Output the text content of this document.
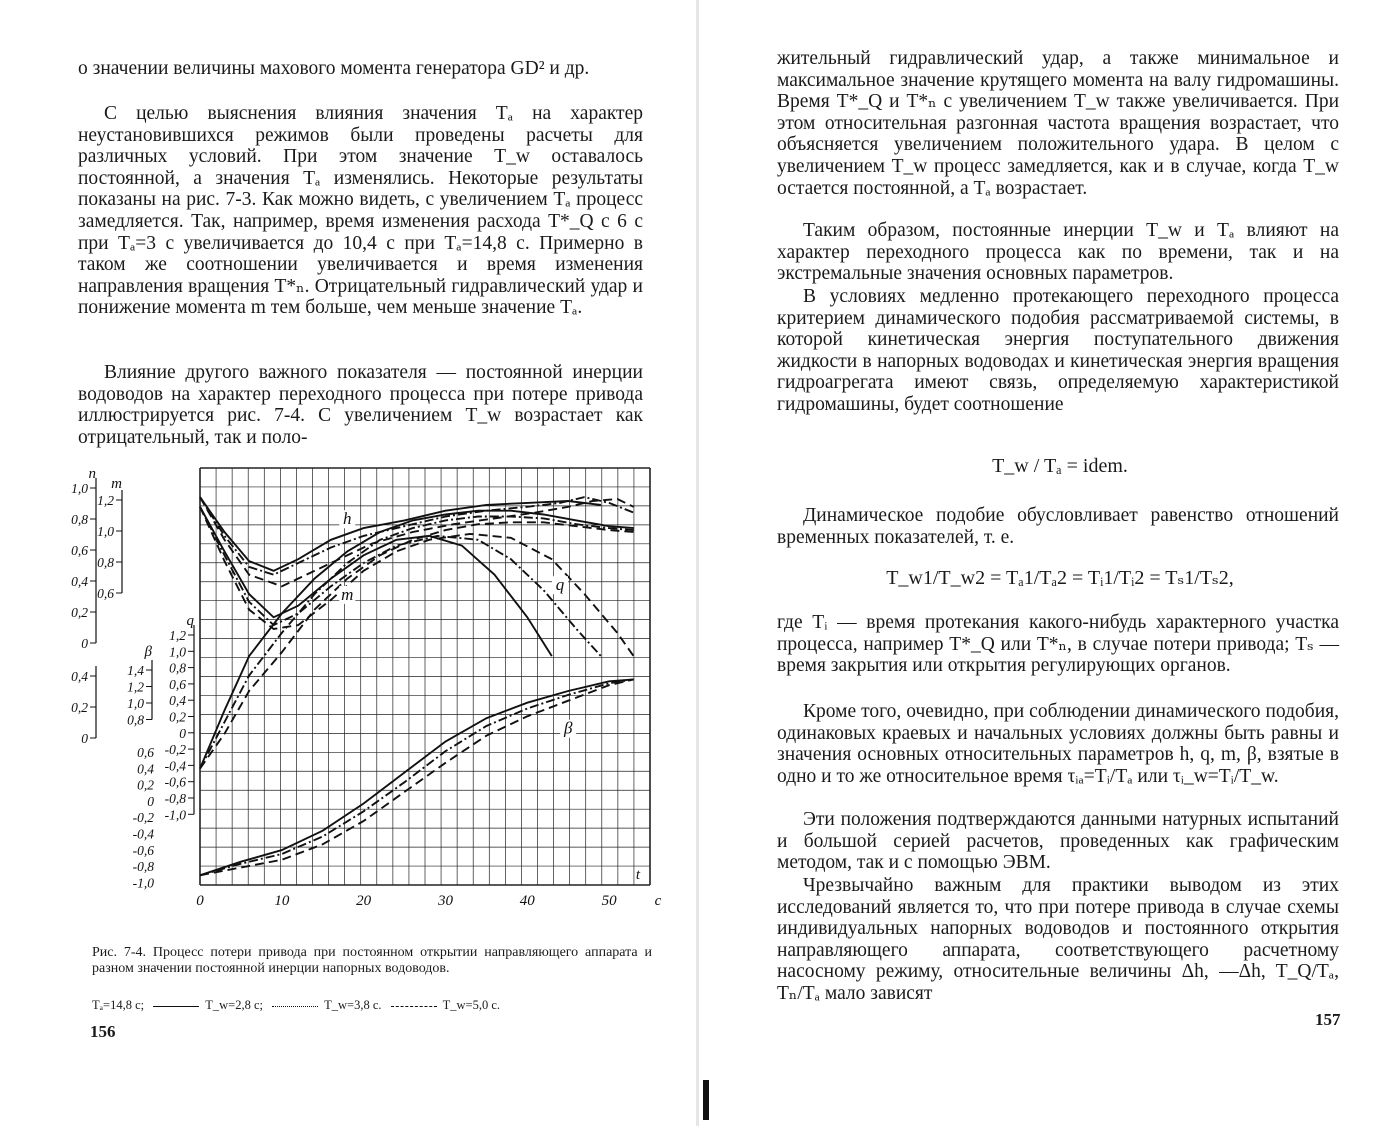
о значении величины махового момента генератора GD² и др.

С целью выяснения влияния значения Tₐ на характер неустановившихся режимов были проведены расчеты для различных условий. При этом значение T_w оставалось постоянной, а значения Tₐ изменялись. Некоторые результаты показаны на рис. 7-3. Как можно видеть, с увеличением Tₐ процесс замедляется. Так, например, время изменения расхода T*_Q с 6 с при Tₐ=3 с увеличивается до 10,4 с при Tₐ=14,8 с. Примерно в таком же соотношении увеличивается и время изменения направления вращения T*ₙ. Отрицательный гидравлический удар и понижение момента m тем больше, чем меньше значение Tₐ.

Влияние другого важного показателя — постоянной инерции водоводов на характер переходного процесса при потере привода иллюстрируется рис. 7-4. С увеличением T_w возрастает как отрицательный, так и поло-

0	10	20	30	40	50
t
с
n
1,0
0,8
0,6
0,4
0,2
0
0,4
0,2
0
m
1,2
1,0
0,8
0,6
β
1,4
1,2
1,0
0,8
q
1,2
1,0
0,8
0,6
0,4
0,2
0
-0,2
-0,4
-0,6
-0,8
-1,0
0,6
0,4
0,2
0
-0,2
-0,4
-0,6
-0,8
-1,0
h
m
q
β
Рис. 7-4. Процесс потери привода при постоянном открытии направляющего аппарата и разном значении постоянной инерции напорных водоводов.
Tₐ=14,8 с;	T_w=2,8 с;	T_w=3,8 с.	T_w=5,0 с.
156

жительный гидравлический удар, а также минимальное и максимальное значение крутящего момента на валу гидромашины. Время T*_Q и T*ₙ с увеличением T_w также увеличивается. При этом относительная разгонная частота вращения возрастает, что объясняется увеличением положительного удара. В целом с увеличением T_w процесс замедляется, как и в случае, когда T_w остается постоянной, а Tₐ возрастает.

Таким образом, постоянные инерции T_w и Tₐ влияют на характер переходного процесса как по времени, так и на экстремальные значения основных параметров.

В условиях медленно протекающего переходного процесса критерием динамического подобия рассматриваемой системы, в которой кинетическая энергия поступательного движения жидкости в напорных водоводах и кинетическая энергия вращения гидроагрегата имеют связь, определяемую характеристикой гидромашины, будет соотношение

T_w / Tₐ = idem.

Динамическое подобие обусловливает равенство отношений временных показателей, т. е.

T_w1/T_w2 = Tₐ1/Tₐ2 = Tᵢ1/Tᵢ2 = Tₛ1/Tₛ2,

где Tᵢ — время протекания какого-нибудь характерного участка процесса, например T*_Q или T*ₙ, в случае потери привода; Tₛ — время закрытия или открытия регулирующих органов.

Кроме того, очевидно, при соблюдении динамического подобия, одинаковых краевых и начальных условиях должны быть равны и значения основных относительных параметров h, q, m, β, взятые в одно и то же относительное время τᵢₐ=Tᵢ/Tₐ или τᵢ_w=Tᵢ/T_w.

Эти положения подтверждаются данными натурных испытаний и большой серией расчетов, проведенных как графическим методом, так и с помощью ЭВМ.

Чрезвычайно важным для практики выводом из этих исследований является то, что при потере привода в случае схемы индивидуальных напорных водоводов и постоянного открытия направляющего аппарата, соответствующего расчетному насосному режиму, относительные величины Δh, —Δh, T_Q/Tₐ, Tₙ/Tₐ мало зависят

157
